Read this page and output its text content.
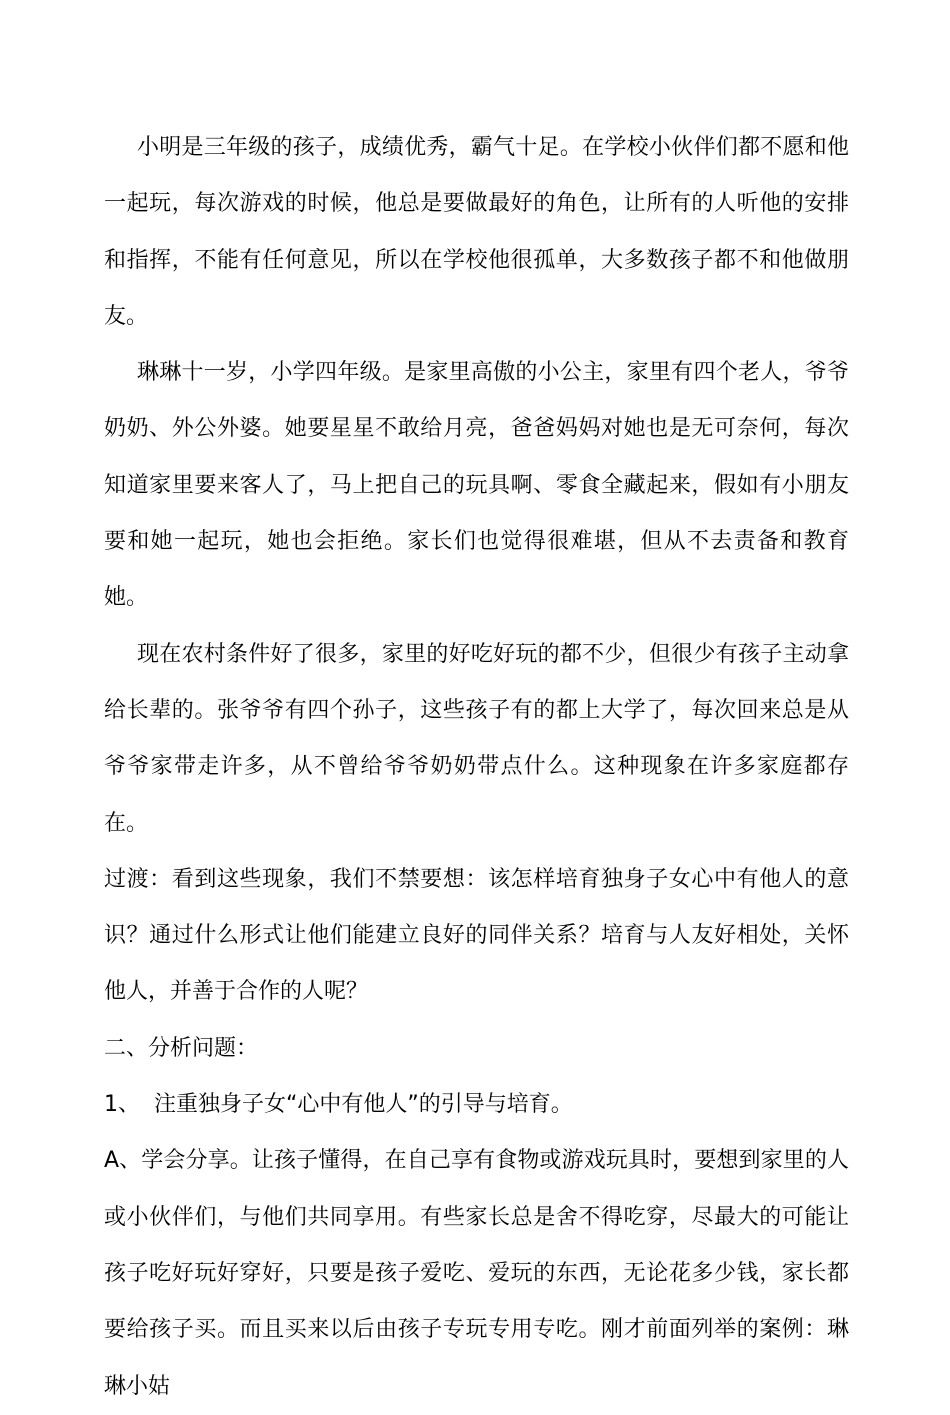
小明是三年级的孩子，成绩优秀，霸气十足。在学校小伙伴们都不愿和他一起玩，每次游戏的时候，他总是要做最好的角色，让所有的人听他的安排和指挥，不能有任何意见，所以在学校他很孤单，大多数孩子都不和他做朋友。

琳琳十一岁，小学四年级。是家里高傲的小公主，家里有四个老人，爷爷奶奶、外公外婆。她要星星不敢给月亮，爸爸妈妈对她也是无可奈何，每次知道家里要来客人了，马上把自己的玩具啊、零食全藏起来，假如有小朋友要和她一起玩，她也会拒绝。家长们也觉得很难堪，但从不去责备和教育她。

现在农村条件好了很多，家里的好吃好玩的都不少，但很少有孩子主动拿给长辈的。张爷爷有四个孙子，这些孩子有的都上大学了，每次回来总是从爷爷家带走许多，从不曾给爷爷奶奶带点什么。这种现象在许多家庭都存在。

过渡：看到这些现象，我们不禁要想：该怎样培育独身子女心中有他人的意识？通过什么形式让他们能建立良好的同伴关系？培育与人友好相处，关怀他人，并善于合作的人呢？

二、分析问题：

1、  注重独身子女“心中有他人”的引导与培育。

A、学会分享。让孩子懂得，在自己享有食物或游戏玩具时，要想到家里的人或小伙伴们，与他们共同享用。有些家长总是舍不得吃穿，尽最大的可能让孩子吃好玩好穿好，只要是孩子爱吃、爱玩的东西，无论花多少钱，家长都要给孩子买。而且买来以后由孩子专玩专用专吃。刚才前面列举的案例：琳琳小姑
